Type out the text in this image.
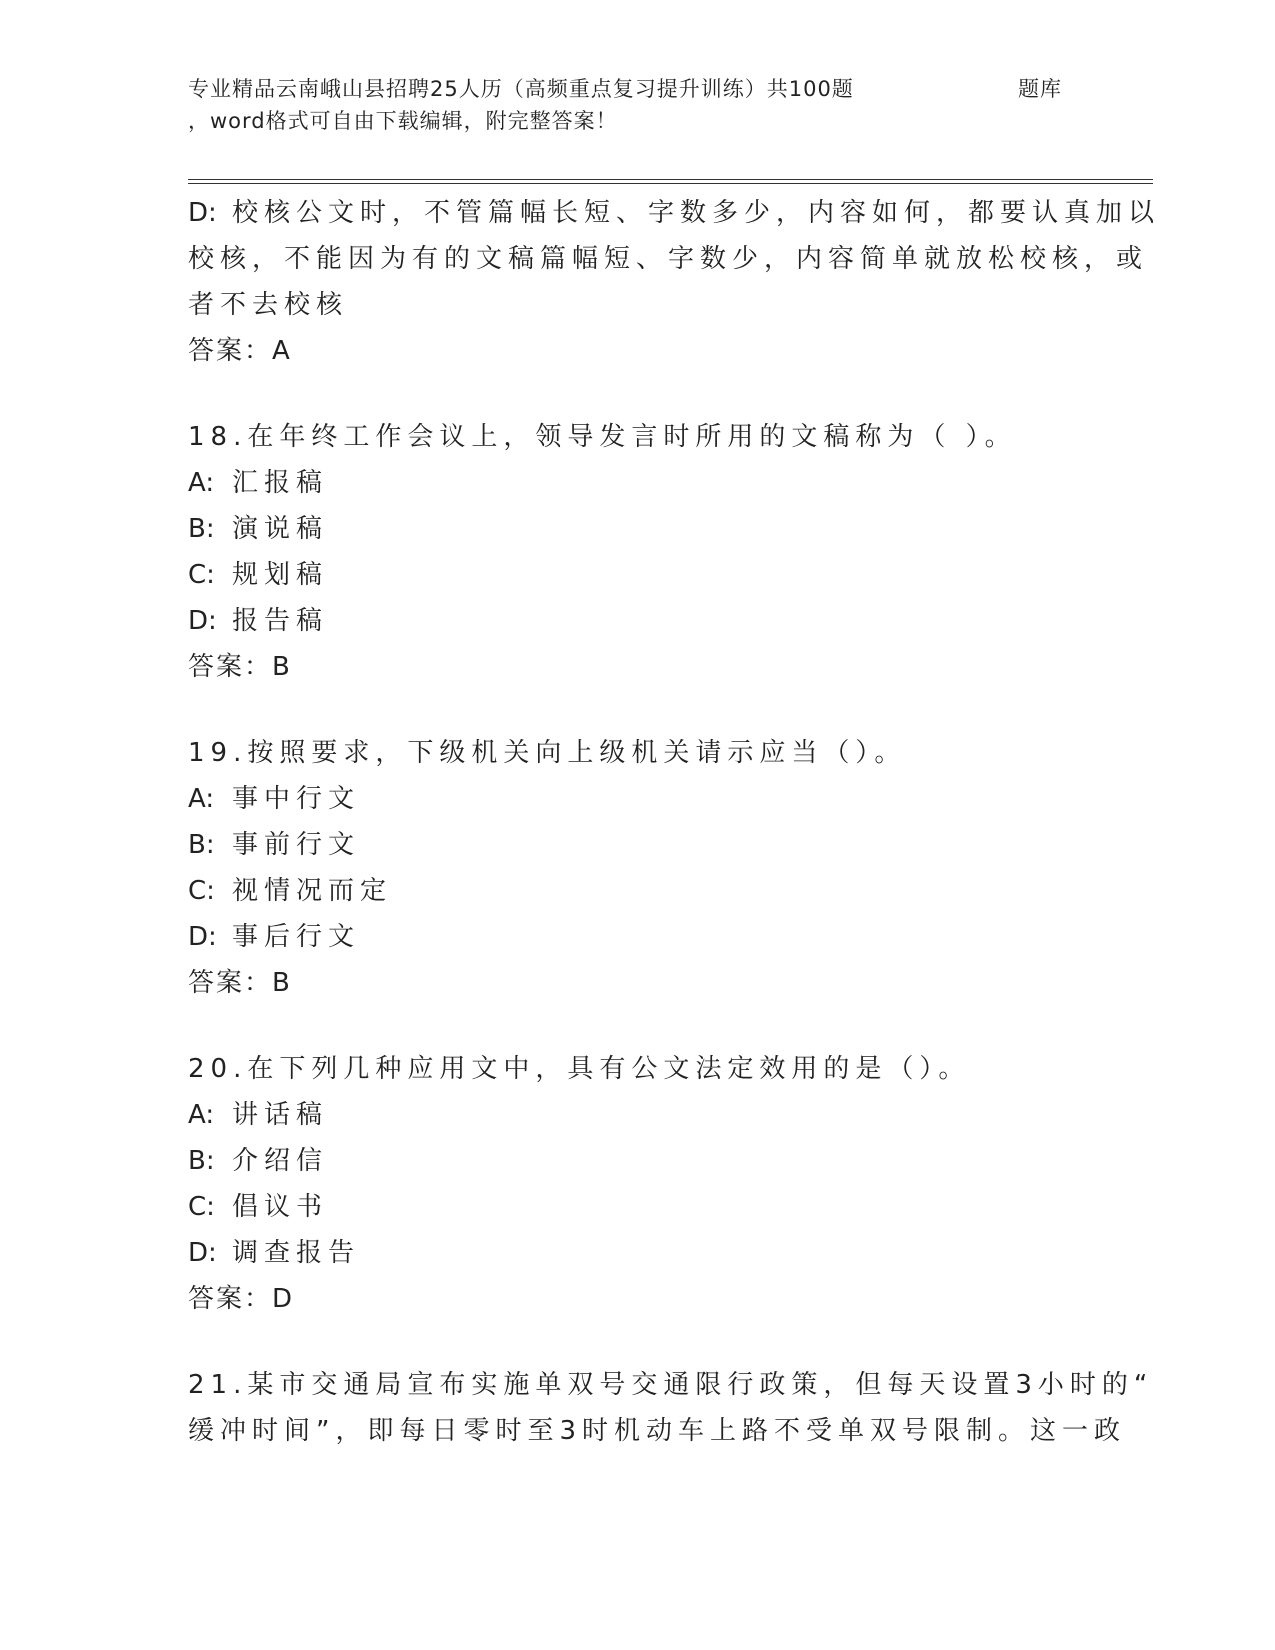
专业精品云南峨山县招聘25人历（高频重点复习提升训练）共100题	题库
，word格式可自由下载编辑，附完整答案！
D: 校核公文时，不管篇幅长短、字数多少，内容如何，都要认真加以
校核，不能因为有的文稿篇幅短、字数少，内容简单就放松校核，或
者不去校核
答案：A
18.在年终工作会议上，领导发言时所用的文稿称为（ ）。
A: 汇报稿
B: 演说稿
C: 规划稿
D: 报告稿
答案：B
19.按照要求，下级机关向上级机关请示应当（）。
A: 事中行文
B: 事前行文
C: 视情况而定
D: 事后行文
答案：B
20.在下列几种应用文中，具有公文法定效用的是（）。
A: 讲话稿
B: 介绍信
C: 倡议书
D: 调查报告
答案：D
21.某市交通局宣布实施单双号交通限行政策，但每天设置3小时的“
缓冲时间”，即每日零时至3时机动车上路不受单双号限制。这一政
